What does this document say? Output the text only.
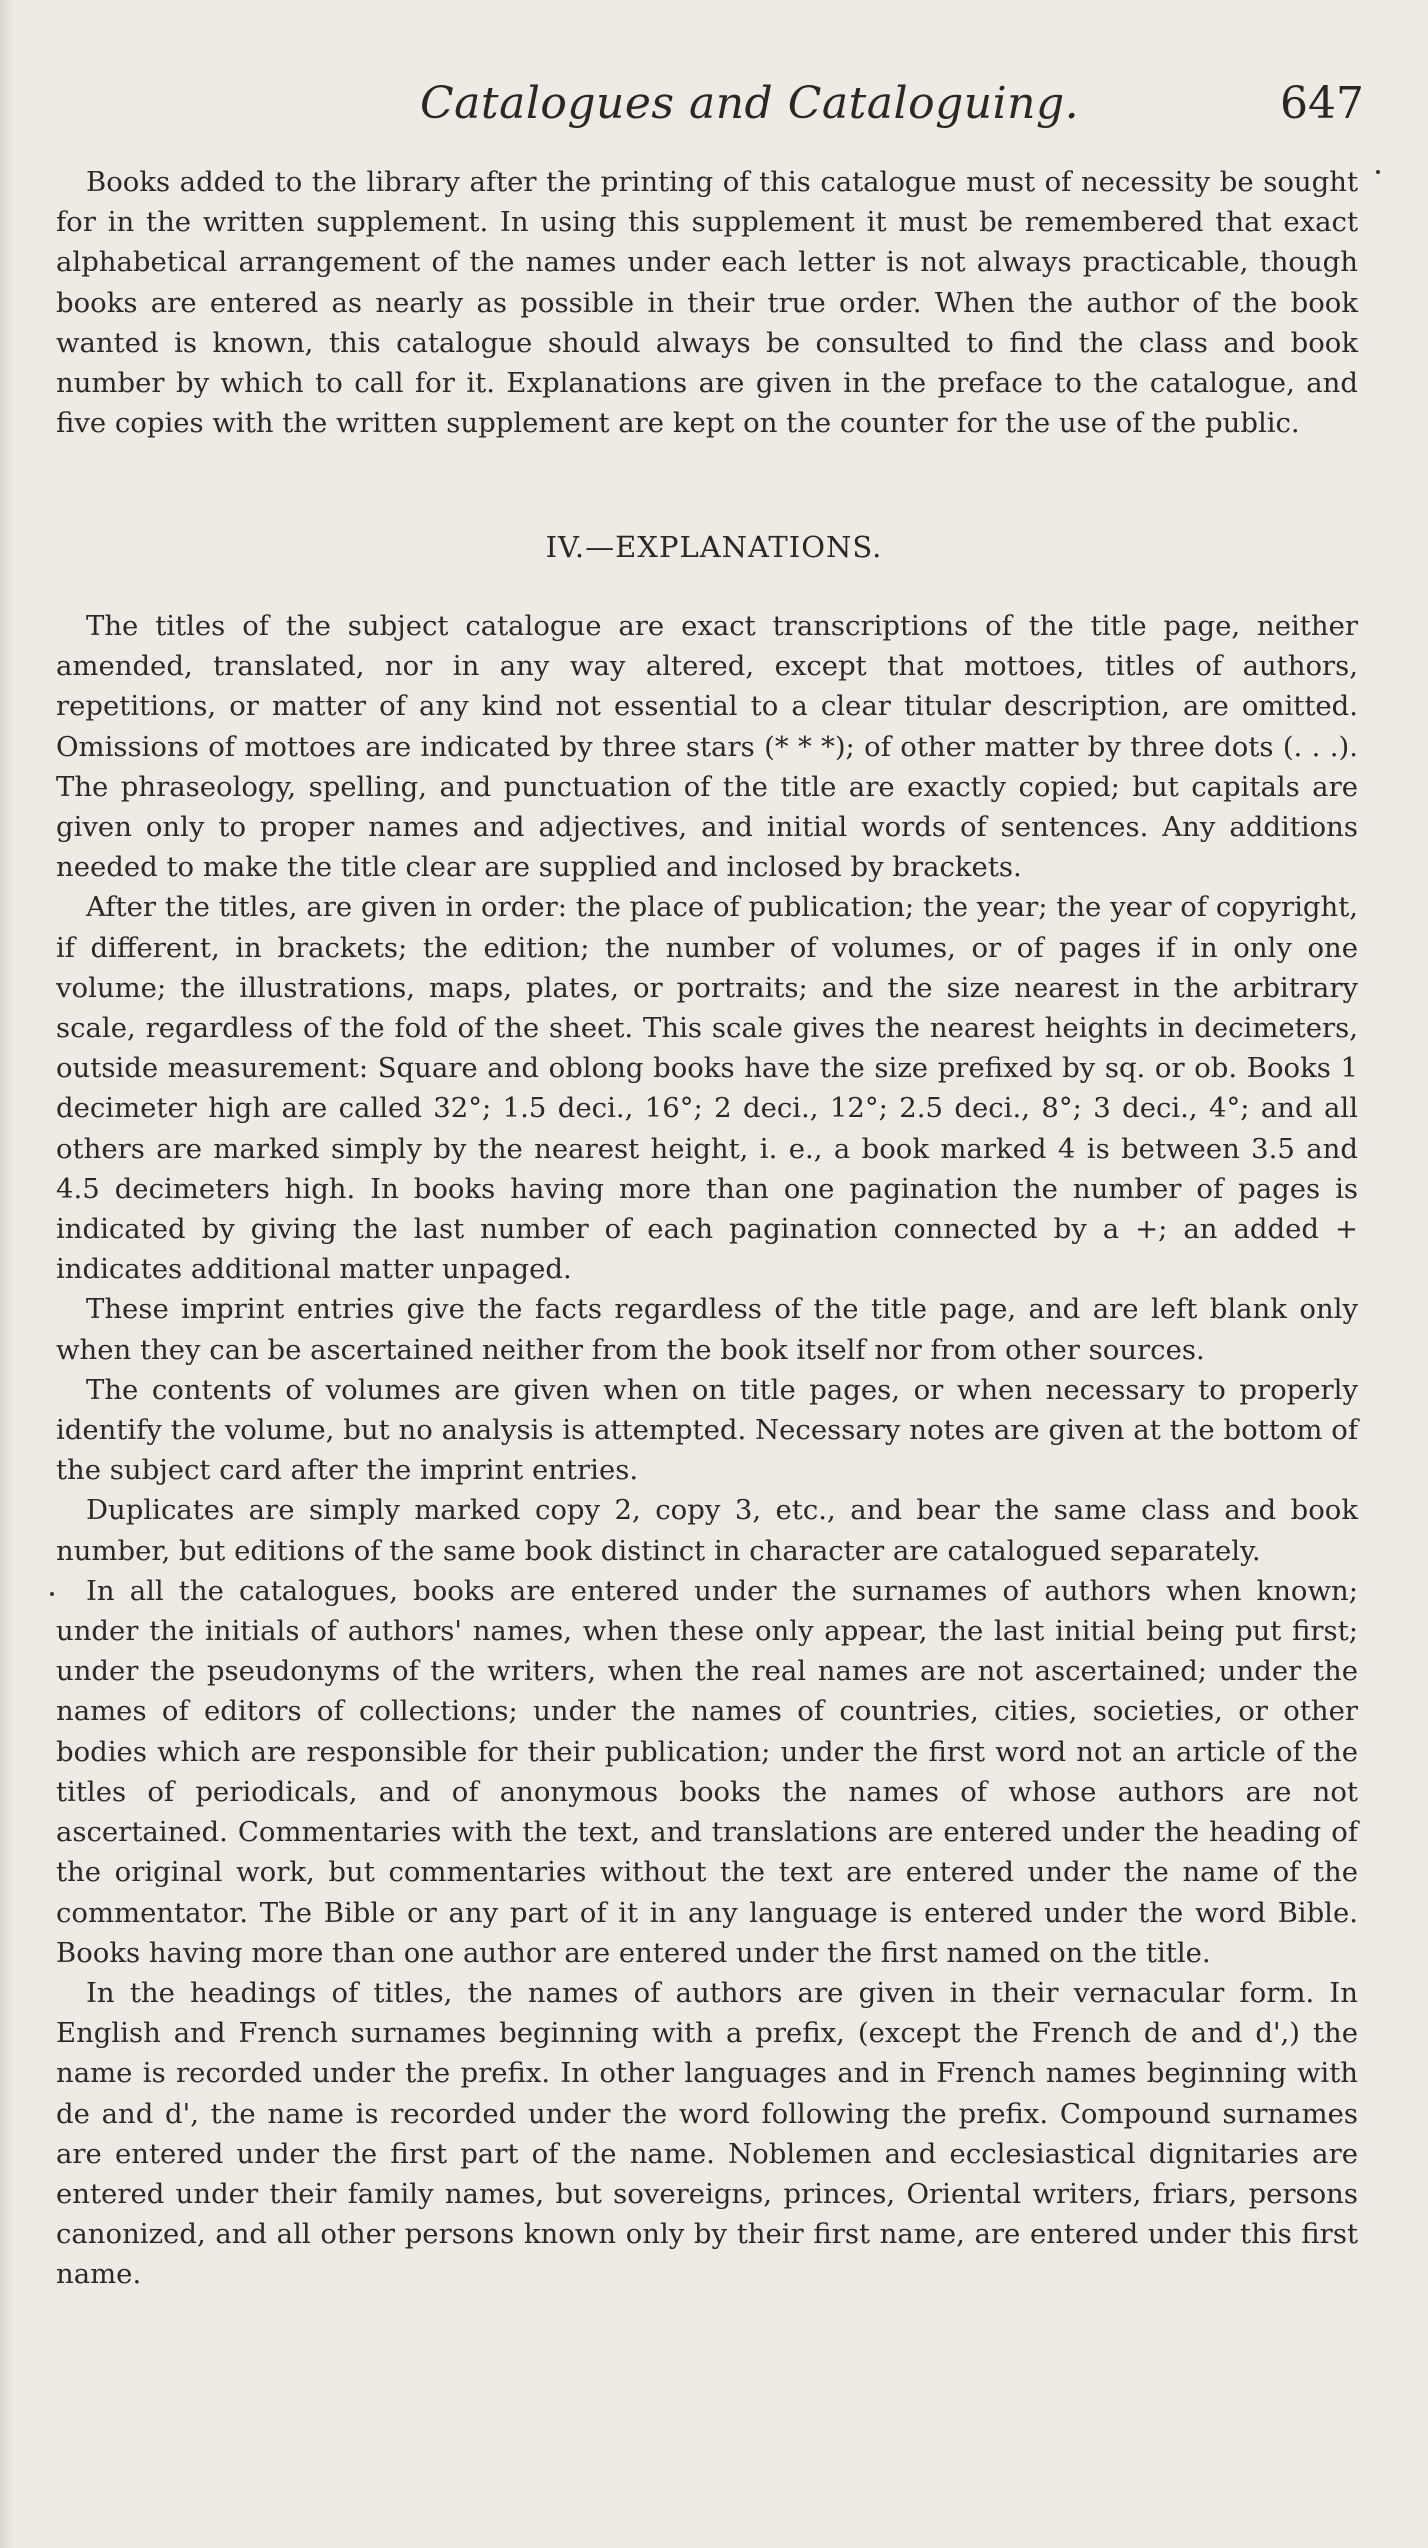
Catalogues and Cataloguing.	647

Books added to the library after the printing of this catalogue must of necessity be sought for in the written supplement. In using this supplement it must be remembered that exact alphabetical arrangement of the names under each letter is not always practicable, though books are entered as nearly as possible in their true order. When the author of the book wanted is known, this catalogue should always be consulted to find the class and book number by which to call for it. Explanations are given in the preface to the catalogue, and five copies with the written supplement are kept on the counter for the use of the public.

IV.—EXPLANATIONS.

The titles of the subject catalogue are exact transcriptions of the title page, neither amended, translated, nor in any way altered, except that mottoes, titles of authors, repetitions, or matter of any kind not essential to a clear titular description, are omitted. Omissions of mottoes are indicated by three stars (* * *); of other matter by three dots (. . .). The phraseology, spelling, and punctuation of the title are exactly copied; but capitals are given only to proper names and adjectives, and initial words of sentences. Any additions needed to make the title clear are supplied and inclosed by brackets.

After the titles, are given in order: the place of publication; the year; the year of copyright, if different, in brackets; the edition; the number of volumes, or of pages if in only one volume; the illustrations, maps, plates, or portraits; and the size nearest in the arbitrary scale, regardless of the fold of the sheet. This scale gives the nearest heights in decimeters, outside measurement: Square and oblong books have the size prefixed by sq. or ob. Books 1 decimeter high are called 32°; 1.5 deci., 16°; 2 deci., 12°; 2.5 deci., 8°; 3 deci., 4°; and all others are marked simply by the nearest height, i. e., a book marked 4 is between 3.5 and 4.5 decimeters high. In books having more than one pagination the number of pages is indicated by giving the last number of each pagination connected by a +; an added + indicates additional matter unpaged.

These imprint entries give the facts regardless of the title page, and are left blank only when they can be ascertained neither from the book itself nor from other sources.

The contents of volumes are given when on title pages, or when necessary to properly identify the volume, but no analysis is attempted. Necessary notes are given at the bottom of the subject card after the imprint entries.

Duplicates are simply marked copy 2, copy 3, etc., and bear the same class and book number, but editions of the same book distinct in character are catalogued separately.

In all the catalogues, books are entered under the surnames of authors when known; under the initials of authors' names, when these only appear, the last initial being put first; under the pseudonyms of the writers, when the real names are not ascertained; under the names of editors of collections; under the names of countries, cities, societies, or other bodies which are responsible for their publication; under the first word not an article of the titles of periodicals, and of anonymous books the names of whose authors are not ascertained. Commentaries with the text, and translations are entered under the heading of the original work, but commentaries without the text are entered under the name of the commentator. The Bible or any part of it in any language is entered under the word Bible. Books having more than one author are entered under the first named on the title.

In the headings of titles, the names of authors are given in their vernacular form. In English and French surnames beginning with a prefix, (except the French de and d',) the name is recorded under the prefix. In other languages and in French names beginning with de and d', the name is recorded under the word following the prefix. Compound surnames are entered under the first part of the name. Noblemen and ecclesiastical dignitaries are entered under their family names, but sovereigns, princes, Oriental writers, friars, persons canonized, and all other persons known only by their first name, are entered under this first name.
